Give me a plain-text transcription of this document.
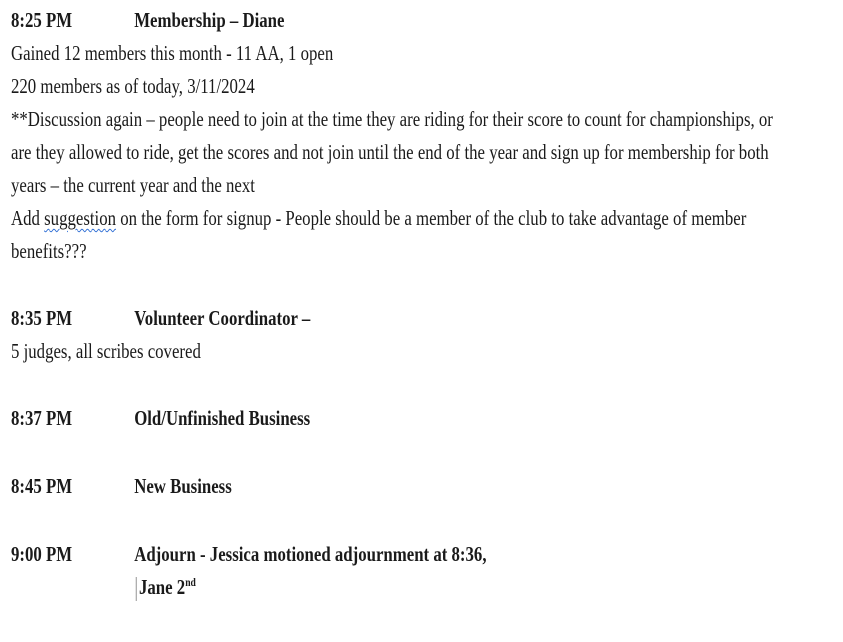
8:25 PM	Membership – Diane

Gained 12 members this month - 11 AA, 1 open

220 members as of today, 3/11/2024

**Discussion again – people need to join at the time they are riding for their score to count for championships, or

are they allowed to ride, get the scores and not join until the end of the year and sign up for membership for both

years – the current year and the next

Add suggestion on the form for signup - People should be a member of the club to take advantage of member

benefits???

8:35 PM	Volunteer Coordinator –

5 judges, all scribes covered

8:37 PM	Old/Unfinished Business

8:45 PM	New Business

9:00 PM	Adjourn - Jessica motioned adjournment at 8:36,

Jane 2nd
